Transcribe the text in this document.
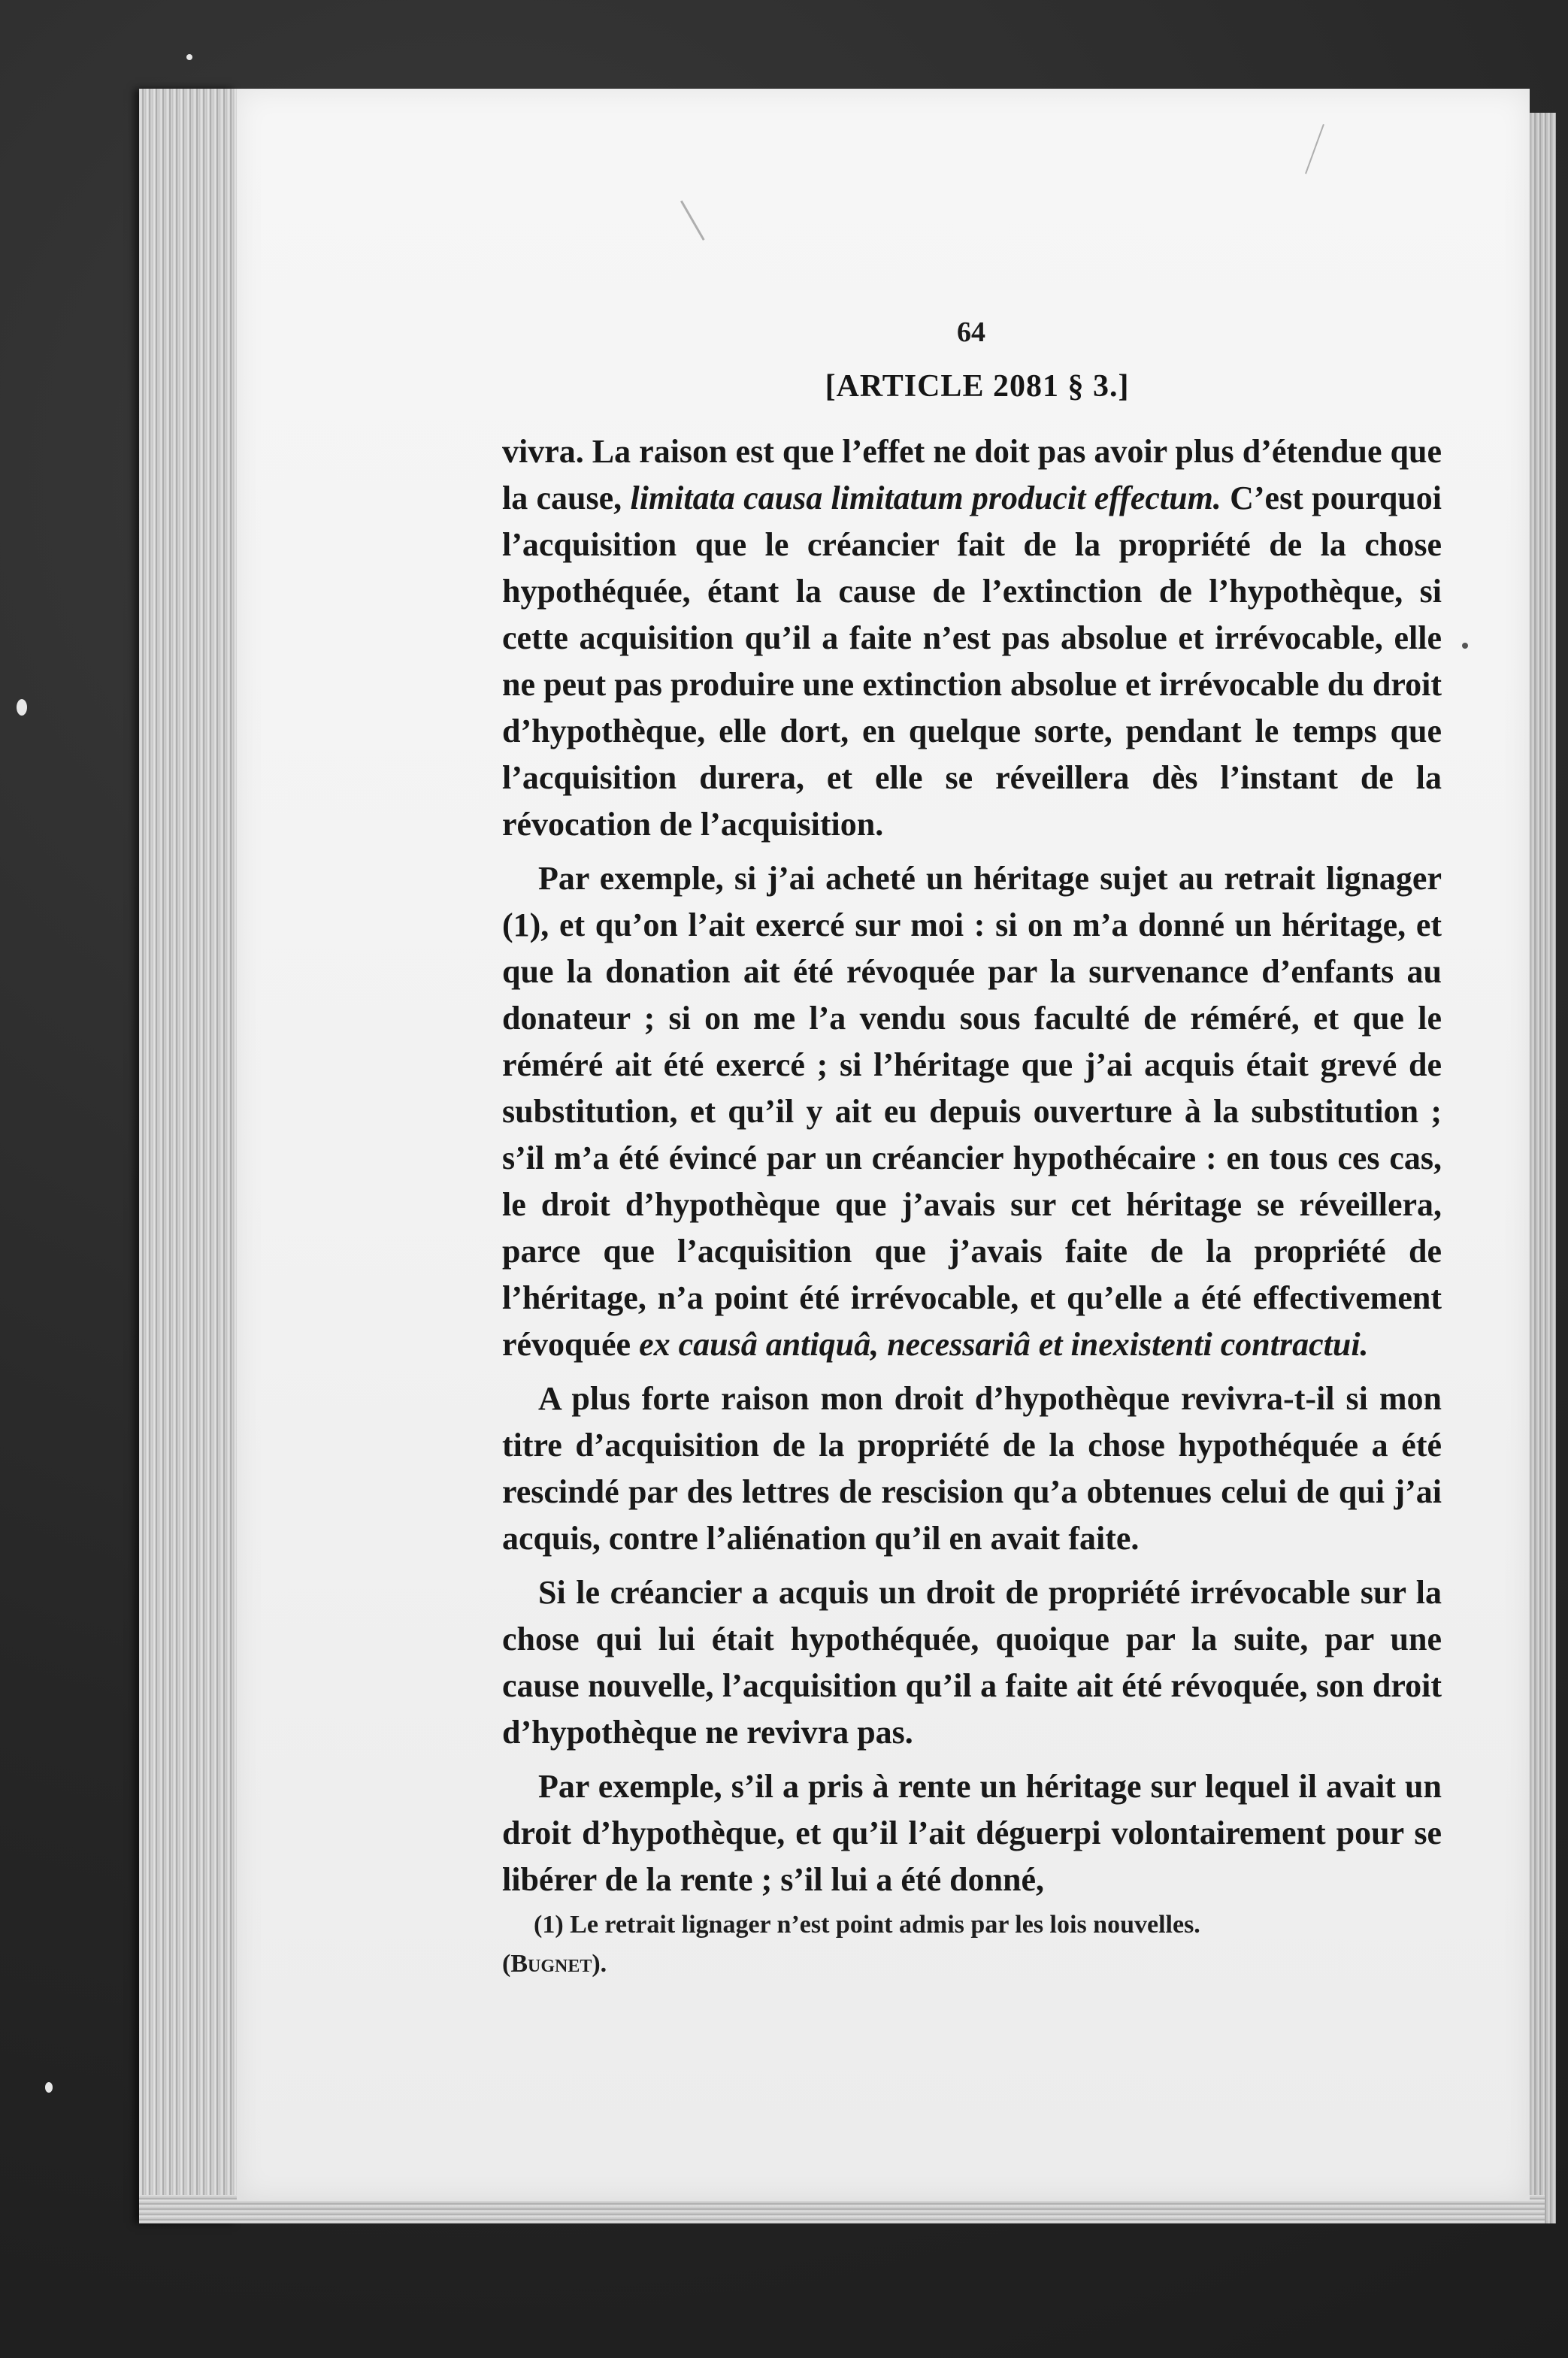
64
[ARTICLE 2081 § 3.]

vivra. La raison est que l’effet ne doit pas avoir plus d’étendue que la cause, limitata causa limitatum producit effectum. C’est pourquoi l’acquisition que le créancier fait de la propriété de la chose hypothéquée, étant la cause de l’extinction de l’hypothèque, si cette acquisition qu’il a faite n’est pas absolue et irrévocable, elle ne peut pas produire une extinction absolue et irrévocable du droit d’hypothèque, elle dort, en quelque sorte, pendant le temps que l’acquisition durera, et elle se réveillera dès l’instant de la révocation de l’acquisition.

Par exemple, si j’ai acheté un héritage sujet au retrait lignager (1), et qu’on l’ait exercé sur moi : si on m’a donné un héritage, et que la donation ait été révoquée par la survenance d’enfants au donateur ; si on me l’a vendu sous faculté de réméré, et que le réméré ait été exercé ; si l’héritage que j’ai acquis était grevé de substitution, et qu’il y ait eu depuis ouverture à la substitution ; s’il m’a été évincé par un créancier hypothécaire : en tous ces cas, le droit d’hypothèque que j’avais sur cet héritage se réveillera, parce que l’acquisition que j’avais faite de la propriété de l’héritage, n’a point été irrévocable, et qu’elle a été effectivement révoquée ex causâ antiquâ, necessariâ et inexistenti contractui.

A plus forte raison mon droit d’hypothèque revivra-t-il si mon titre d’acquisition de la propriété de la chose hypothéquée a été rescindé par des lettres de rescision qu’a obtenues celui de qui j’ai acquis, contre l’aliénation qu’il en avait faite.

Si le créancier a acquis un droit de propriété irrévocable sur la chose qui lui était hypothéquée, quoique par la suite, par une cause nouvelle, l’acquisition qu’il a faite ait été révoquée, son droit d’hypothèque ne revivra pas.

Par exemple, s’il a pris à rente un héritage sur lequel il avait un droit d’hypothèque, et qu’il l’ait déguerpi volontairement pour se libérer de la rente ; s’il lui a été donné,

(1) Le retrait lignager n’est point admis par les lois nouvelles.

(Bugnet).
